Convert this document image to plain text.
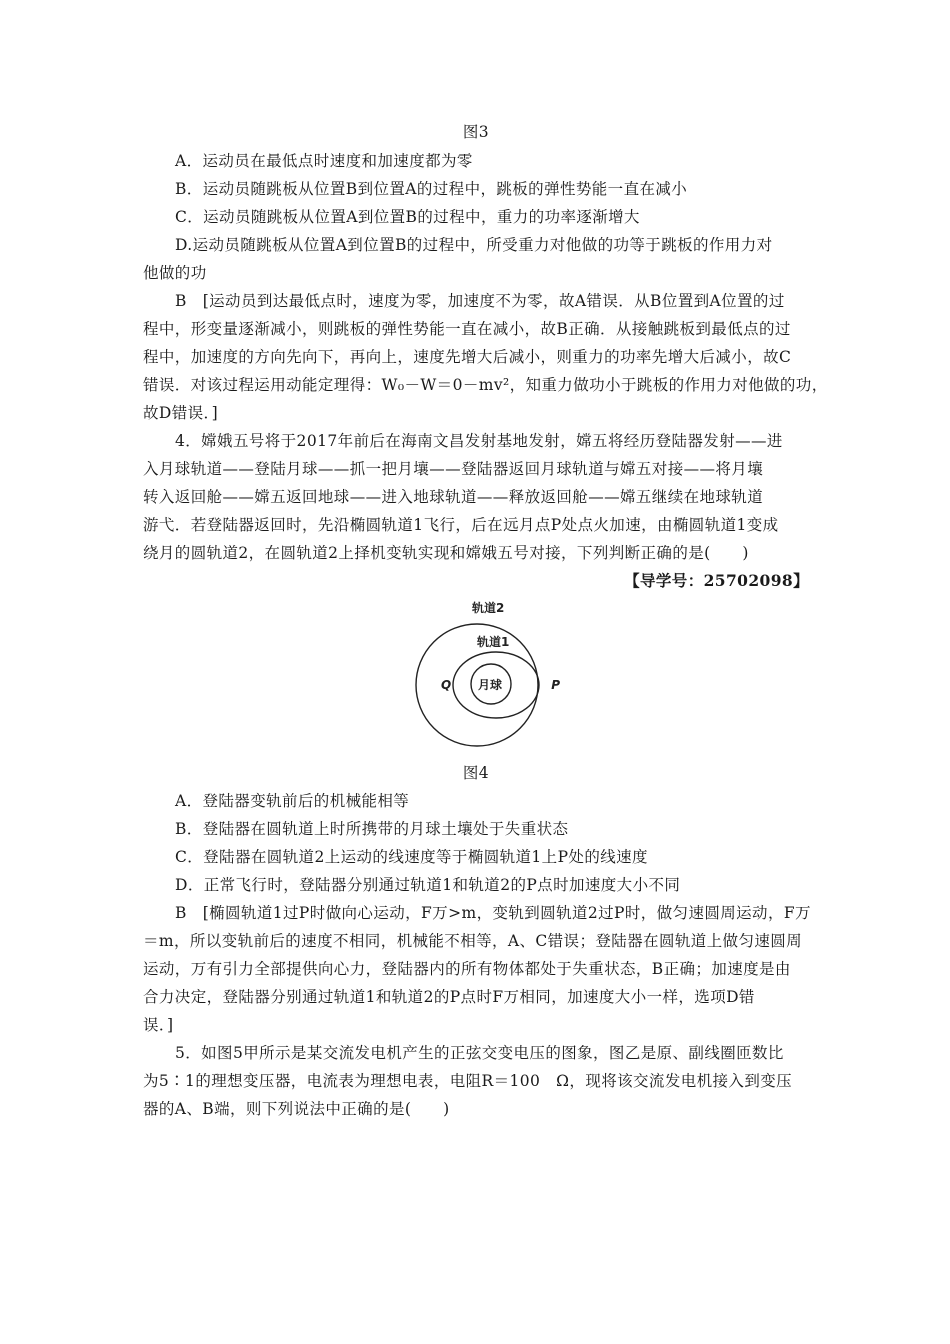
图3
A．运动员在最低点时速度和加速度都为零
B．运动员随跳板从位置B到位置A的过程中，跳板的弹性势能一直在减小
C．运动员随跳板从位置A到位置B的过程中，重力的功率逐渐增大
D.运动员随跳板从位置A到位置B的过程中，所受重力对他做的功等于跳板的作用力对
他做的功
B　[运动员到达最低点时，速度为零，加速度不为零，故A错误．从B位置到A位置的过
程中，形变量逐渐减小，则跳板的弹性势能一直在减小，故B正确．从接触跳板到最低点的过
程中，加速度的方向先向下，再向上，速度先增大后减小，则重力的功率先增大后减小，故C
错误．对该过程运用动能定理得：W₀－W＝0－mv²，知重力做功小于跳板的作用力对他做的功，
故D错误．]
4．嫦娥五号将于2017年前后在海南文昌发射基地发射，嫦五将经历登陆器发射——进
入月球轨道——登陆月球——抓一把月壤——登陆器返回月球轨道与嫦五对接——将月壤
转入返回舱——嫦五返回地球——进入地球轨道——释放返回舱——嫦五继续在地球轨道
游弋．若登陆器返回时，先沿椭圆轨道1飞行，后在远月点P处点火加速，由椭圆轨道1变成
绕月的圆轨道2，在圆轨道2上择机变轨实现和嫦娥五号对接，下列判断正确的是(　　)
【导学号：25702098】
轨道2
轨道1
月球
Q	P
图4
A．登陆器变轨前后的机械能相等
B．登陆器在圆轨道上时所携带的月球土壤处于失重状态
C．登陆器在圆轨道2上运动的线速度等于椭圆轨道1上P处的线速度
D．正常飞行时，登陆器分别通过轨道1和轨道2的P点时加速度大小不同
B　[椭圆轨道1过P时做向心运动，F万>m，变轨到圆轨道2过P时，做匀速圆周运动，F万
＝m，所以变轨前后的速度不相同，机械能不相等，A、C错误；登陆器在圆轨道上做匀速圆周
运动，万有引力全部提供向心力，登陆器内的所有物体都处于失重状态，B正确；加速度是由
合力决定，登陆器分别通过轨道1和轨道2的P点时F万相同，加速度大小一样，选项D错
误．]
5．如图5甲所示是某交流发电机产生的正弦交变电压的图象，图乙是原、副线圈匝数比
为5∶1的理想变压器，电流表为理想电表，电阻R＝100　Ω，现将该交流发电机接入到变压
器的A、B端，则下列说法中正确的是(　　)
